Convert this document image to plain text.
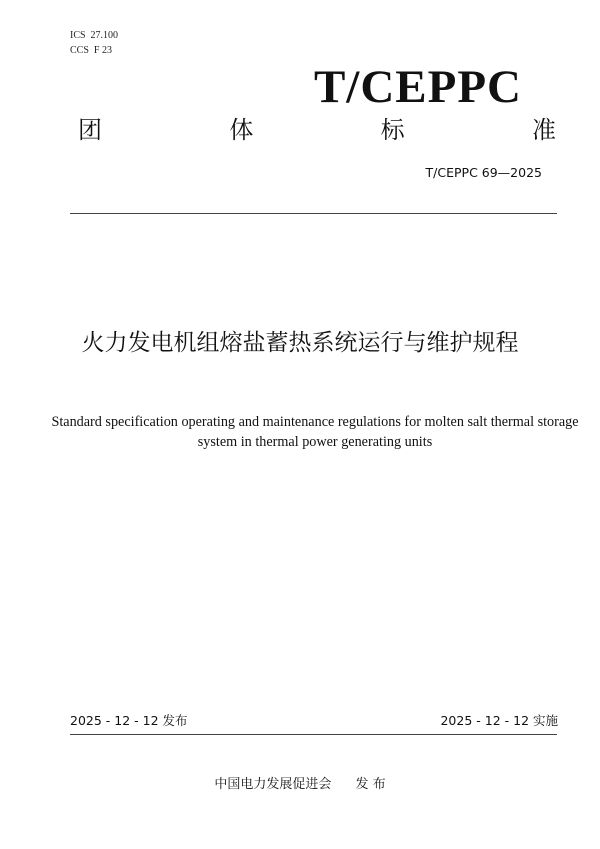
ICS  27.100
CCS  F 23
T/CEPPC
团	体	标	准
T/CEPPC 69—2025
火力发电机组熔盐蓄热系统运行与维护规程
Standard specification operating and maintenance regulations for molten salt thermal storage system in thermal power generating units
2025 - 12 - 12 发布	2025 - 12 - 12 实施
中国电力发展促进会 发 布
